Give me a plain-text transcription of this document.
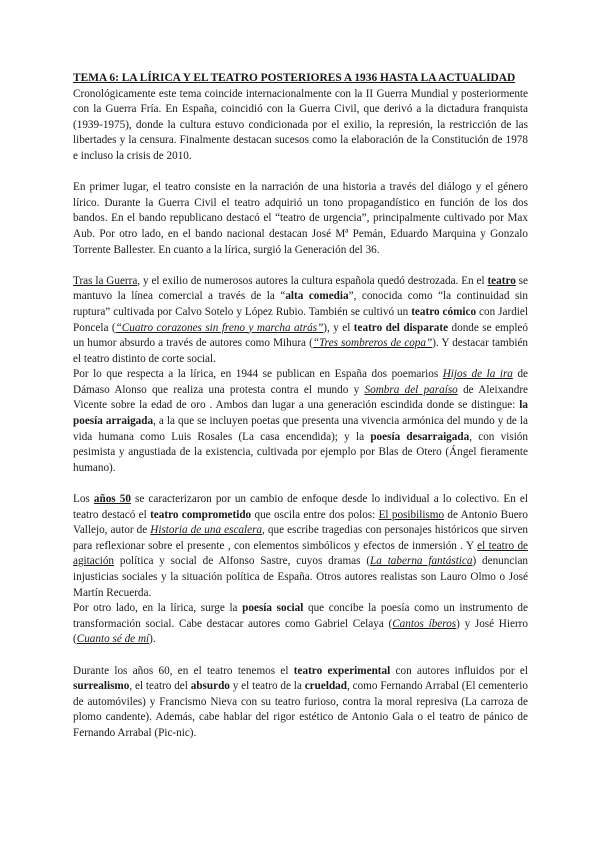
TEMA 6: LA LÍRICA Y EL TEATRO POSTERIORES A 1936 HASTA LA ACTUALIDAD

Cronológicamente este tema coincide internacionalmente con la II Guerra Mundial y posteriormente con la Guerra Fría. En España, coincidió con la Guerra Civil, que derivó a la dictadura franquista (1939-1975), donde la cultura estuvo condicionada por el exilio, la represión, la restricción de las libertades y la censura. Finalmente destacan sucesos como la elaboración de la Constitución de 1978 e incluso la crisis de 2010.

En primer lugar, el teatro consiste en la narración de una historia a través del diálogo y el género lírico. Durante la Guerra Civil el teatro adquirió un tono propagandístico en función de los dos bandos. En el bando republicano destacó el “teatro de urgencia”, principalmente cultivado por Max Aub. Por otro lado, en el bando nacional destacan José Mª Pemán, Eduardo Marquina y Gonzalo Torrente Ballester. En cuanto a la lírica, surgió la Generación del 36.

Tras la Guerra, y el exilio de numerosos autores la cultura española quedó destrozada. En el teatro se mantuvo la línea comercial a través de la “alta comedia”, conocida como “la continuidad sin ruptura” cultivada por Calvo Sotelo y López Rubio. También se cultivó un teatro cómico con Jardiel Poncela (“Cuatro corazones sin freno y marcha atrás”), y el teatro del disparate donde se empleó un humor absurdo a través de autores como Mihura (“Tres sombreros de copa”). Y destacar también el teatro distinto de corte social.

Por lo que respecta a la lírica, en 1944 se publican en España dos poemarios Hijos de la ira de Dámaso Alonso que realiza una protesta contra el mundo y Sombra del paraíso de Aleixandre Vicente sobre la edad de oro . Ambos dan lugar a una generación escindida donde se distingue: la poesía arraigada, a la que se incluyen poetas que presenta una vivencia armónica del mundo y de la vida humana como Luis Rosales (La casa encendida); y la poesía desarraigada, con visión pesimista y angustiada de la existencia, cultivada por ejemplo por Blas de Otero (Ángel fieramente humano).

Los años 50 se caracterizaron por un cambio de enfoque desde lo individual a lo colectivo. En el teatro destacó el teatro comprometido que oscila entre dos polos: El posibilismo de Antonio Buero Vallejo, autor de Historia de una escalera, que escribe tragedias con personajes históricos que sirven para reflexionar sobre el presente , con elementos simbólicos y efectos de inmersión . Y el teatro de agitación política y social de Alfonso Sastre, cuyos dramas (La taberna fantástica) denuncian injusticias sociales y la situación política de España. Otros autores realistas son Lauro Olmo o José Martín Recuerda.

Por otro lado, en la lírica, surge la poesía social que concibe la poesía como un instrumento de transformación social. Cabe destacar autores como Gabriel Celaya (Cantos íberos) y José Hierro (Cuanto sé de mí).

Durante los años 60, en el teatro tenemos el teatro experimental con autores influidos por el surrealismo, el teatro del absurdo y el teatro de la crueldad, como Fernando Arrabal (El cementerio de automóviles) y Francismo Nieva con su teatro furioso, contra la moral represiva (La carroza de plomo candente). Además, cabe hablar del rigor estético de Antonio Gala o el teatro de pánico de Fernando Arrabal (Pic-nic).
